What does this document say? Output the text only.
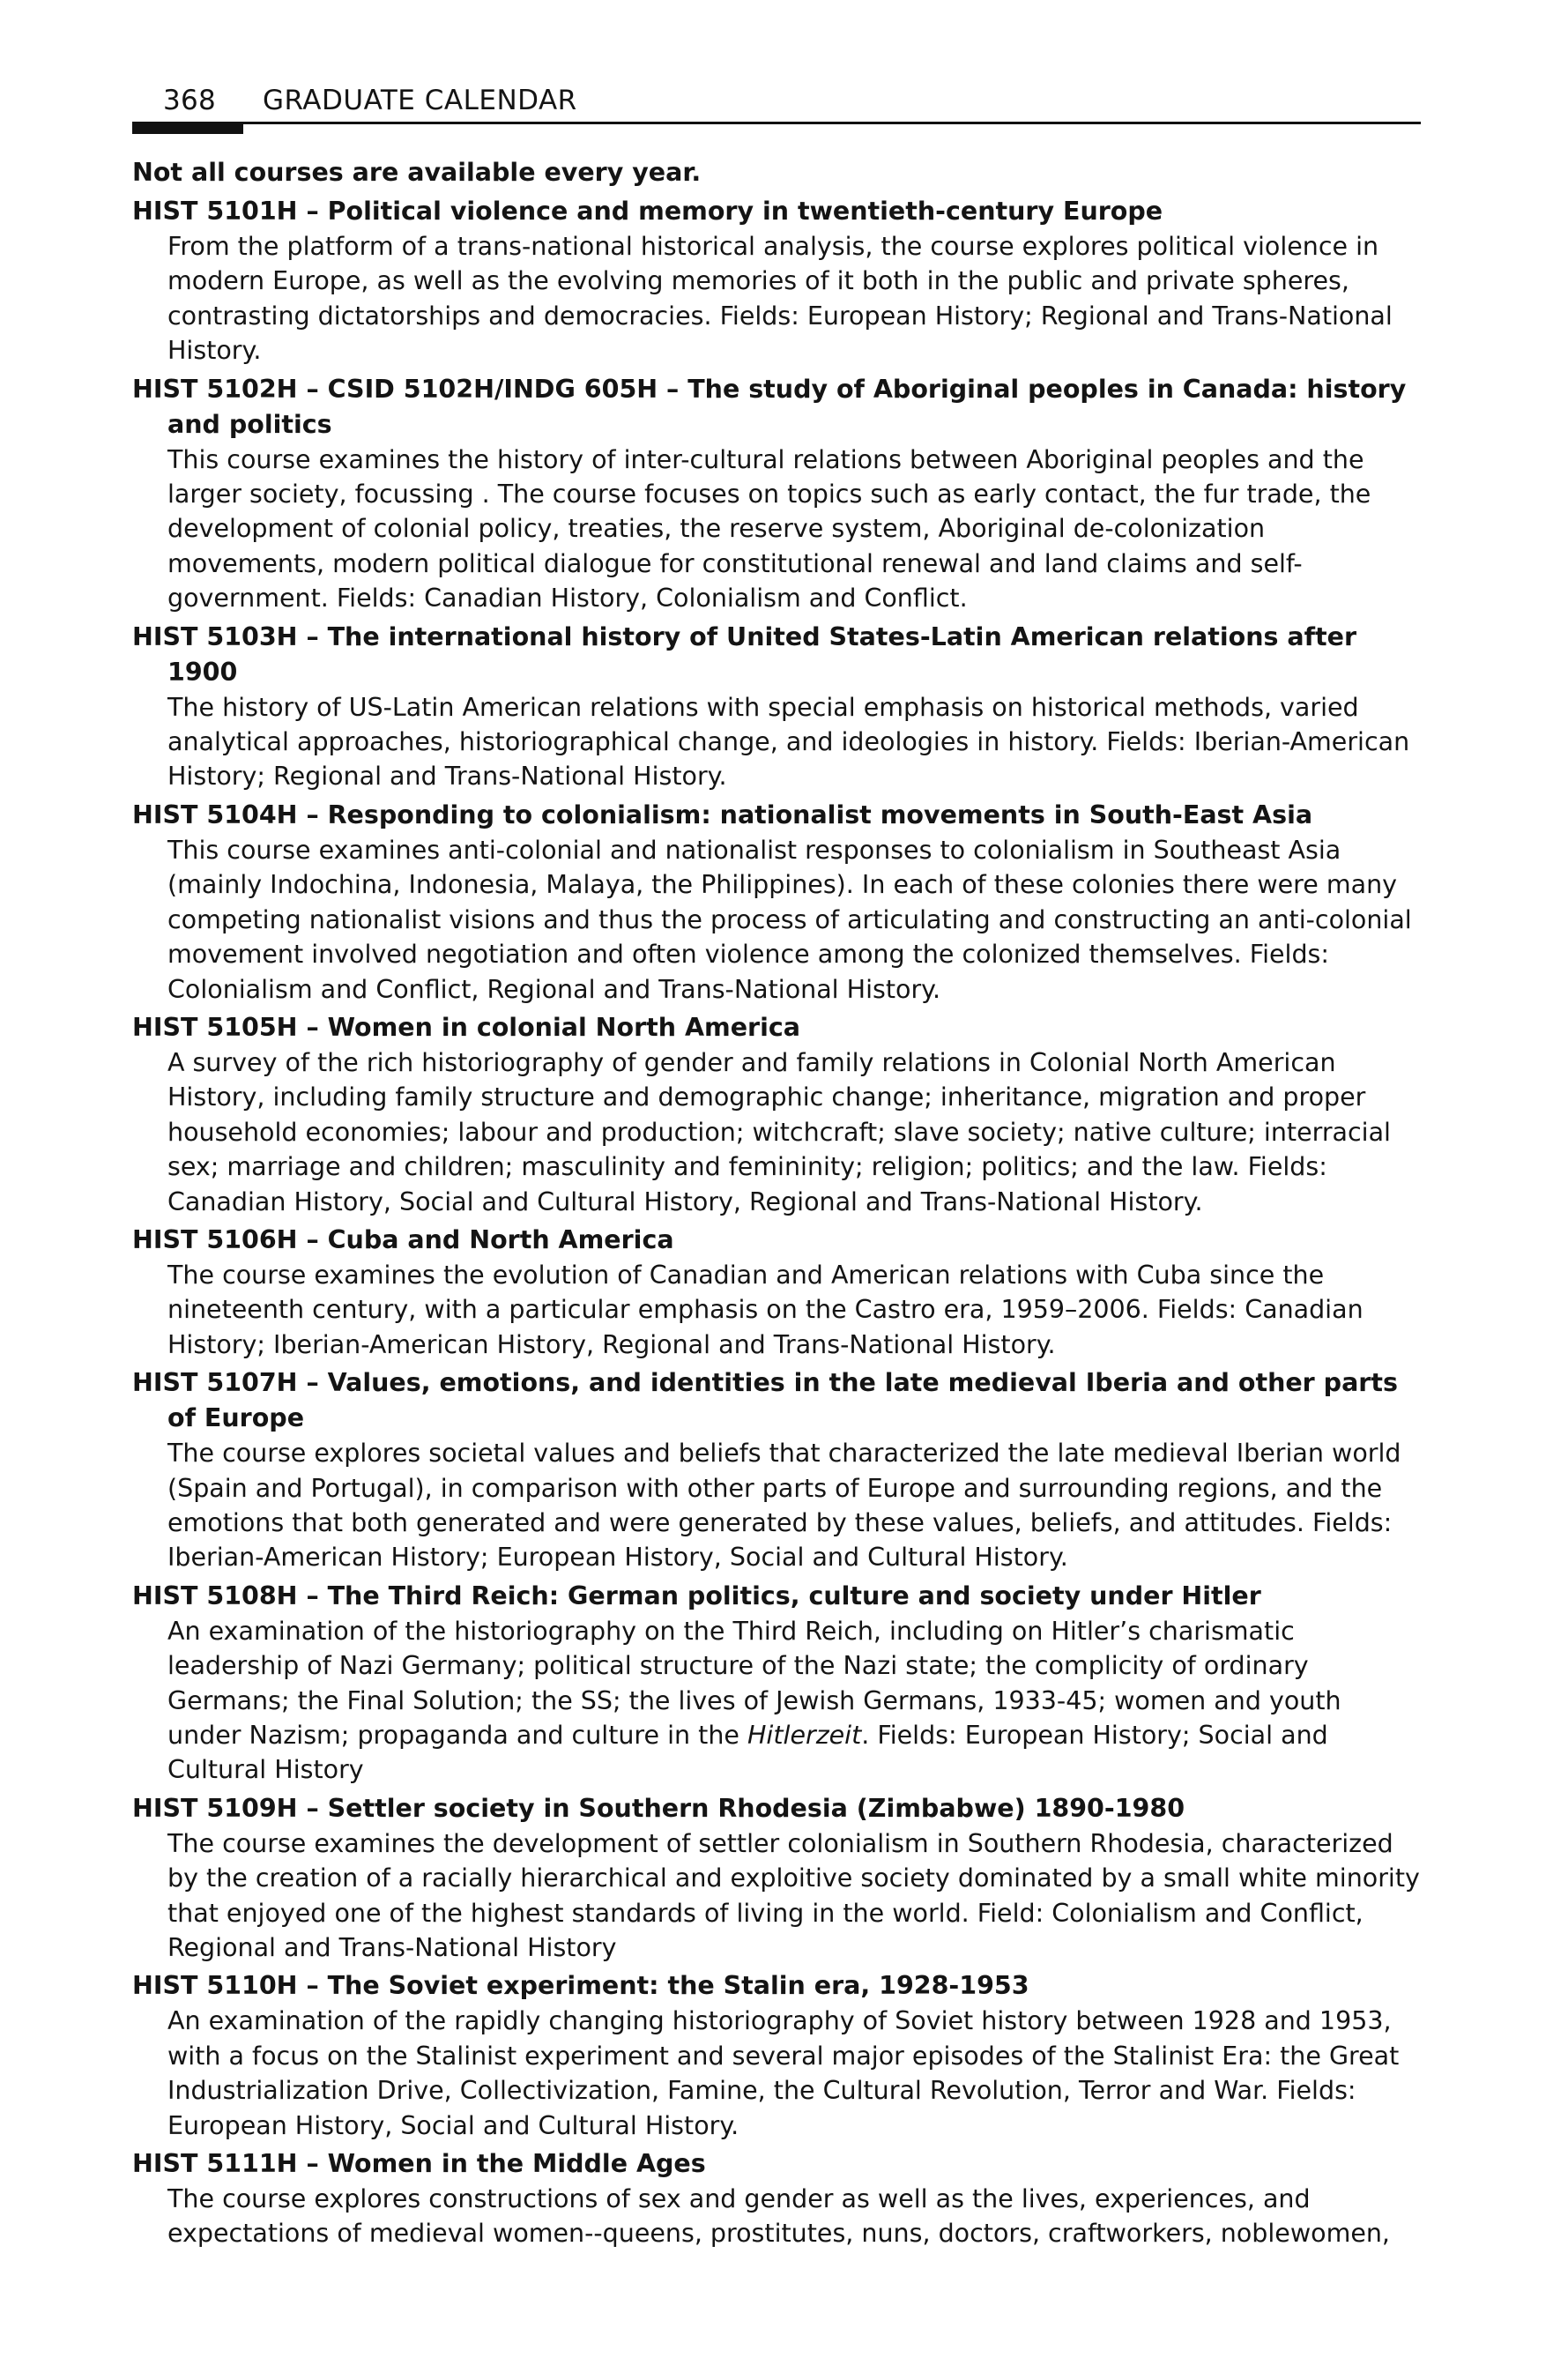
368 GRADUATE CALENDAR
Not all courses are available every year.
HIST 5101H – Political violence and memory in twentieth-century Europe
From the platform of a trans-national historical analysis, the course explores political violence in modern Europe, as well as the evolving memories of it both in the public and private spheres, contrasting dictatorships and democracies. Fields: European History; Regional and Trans-National History.
HIST 5102H – CSID 5102H/INDG 605H – The study of Aboriginal peoples in Canada: history and politics
This course examines the history of inter-cultural relations between Aboriginal peoples and the larger society, focussing . The course focuses on topics such as early contact, the fur trade, the development of colonial policy, treaties, the reserve system, Aboriginal de-colonization movements, modern political dialogue for constitutional renewal and land claims and self-government. Fields: Canadian History, Colonialism and Conflict.
HIST 5103H – The international history of United States-Latin American relations after 1900
The history of US-Latin American relations with special emphasis on historical methods, varied analytical approaches, historiographical change, and ideologies in history. Fields: Iberian-American History; Regional and Trans-National History.
HIST 5104H – Responding to colonialism: nationalist movements in South-East Asia
This course examines anti-colonial and nationalist responses to colonialism in Southeast Asia (mainly Indochina, Indonesia, Malaya, the Philippines). In each of these colonies there were many competing nationalist visions and thus the process of articulating and constructing an anti-colonial movement involved negotiation and often violence among the colonized themselves. Fields: Colonialism and Conflict, Regional and Trans-National History.
HIST 5105H – Women in colonial North America
A survey of the rich historiography of gender and family relations in Colonial North American History, including family structure and demographic change; inheritance, migration and proper household economies; labour and production; witchcraft; slave society; native culture; interracial sex; marriage and children; masculinity and femininity; religion; politics; and the law. Fields: Canadian History, Social and Cultural History, Regional and Trans-National History.
HIST 5106H – Cuba and North America
The course examines the evolution of Canadian and American relations with Cuba since the nineteenth century, with a particular emphasis on the Castro era, 1959–2006. Fields: Canadian History; Iberian-American History, Regional and Trans-National History.
HIST 5107H – Values, emotions, and identities in the late medieval Iberia and other parts of Europe
The course explores societal values and beliefs that characterized the late medieval Iberian world (Spain and Portugal), in comparison with other parts of Europe and surrounding regions, and the emotions that both generated and were generated by these values, beliefs, and attitudes. Fields: Iberian-American History; European History, Social and Cultural History.
HIST 5108H – The Third Reich: German politics, culture and society under Hitler
An examination of the historiography on the Third Reich, including on Hitler’s charismatic leadership of Nazi Germany; political structure of the Nazi state; the complicity of ordinary Germans; the Final Solution; the SS; the lives of Jewish Germans, 1933-45; women and youth under Nazism; propaganda and culture in the Hitlerzeit. Fields: European History; Social and Cultural History
HIST 5109H – Settler society in Southern Rhodesia (Zimbabwe) 1890-1980
The course examines the development of settler colonialism in Southern Rhodesia, characterized by the creation of a racially hierarchical and exploitive society dominated by a small white minority that enjoyed one of the highest standards of living in the world. Field: Colonialism and Conflict, Regional and Trans-National History
HIST 5110H – The Soviet experiment: the Stalin era, 1928-1953
An examination of the rapidly changing historiography of Soviet history between 1928 and 1953, with a focus on the Stalinist experiment and several major episodes of the Stalinist Era: the Great Industrialization Drive, Collectivization, Famine, the Cultural Revolution, Terror and War. Fields: European History, Social and Cultural History.
HIST 5111H – Women in the Middle Ages
The course explores constructions of sex and gender as well as the lives, experiences, and expectations of medieval women--queens, prostitutes, nuns, doctors, craftworkers, noblewomen,
